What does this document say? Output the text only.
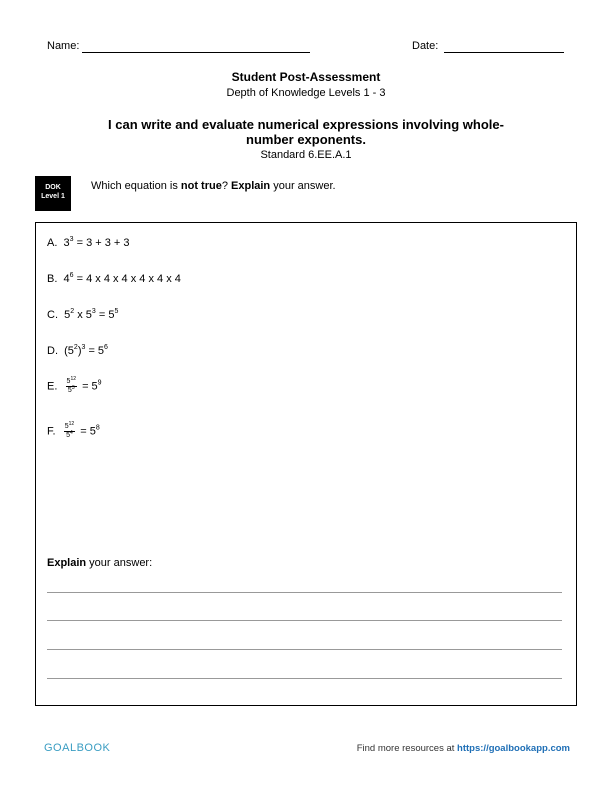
Name:	Date:
Student Post-Assessment
Depth of Knowledge Levels 1 - 3
I can write and evaluate numerical expressions involving whole-number exponents.
Standard 6.EE.A.1
DOK
Level 1
Which equation is not true? Explain your answer.
A. $3^3 = 3 + 3 + 3$
B. $4^6 = 4$ x 4 x 4 x 4 x 4 x 4
C. $5^2$ x $5^3 = 5^5$
D. $(5^2)^3 = 5^6$
E. $\frac{5^{12}}{5^3} = 5^9$
F. $\frac{5^{12}}{5^4} = 5^8$
Explain your answer:
GOALBOOK	Find more resources at https://goalbookapp.com
